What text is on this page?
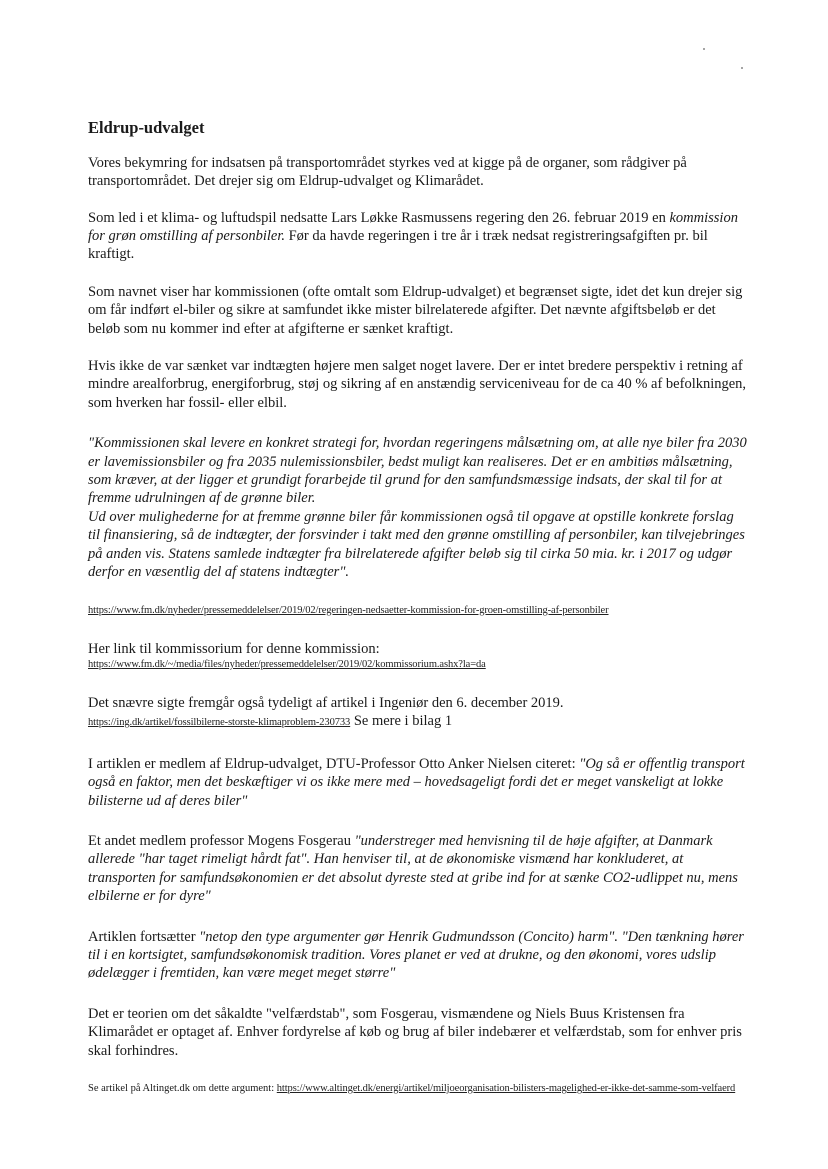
Eldrup-udvalget

Vores bekymring for indsatsen på transportområdet styrkes ved at kigge på de organer, som rådgiver på transportområdet. Det drejer sig om Eldrup-udvalget og Klimarådet.

Som led i et klima- og luftudspil nedsatte Lars Løkke Rasmussens regering den 26. februar 2019 en kommission for grøn omstilling af personbiler. Før da havde regeringen i tre år i træk nedsat registreringsafgiften pr. bil kraftigt.

Som navnet viser har kommissionen (ofte omtalt som Eldrup-udvalget) et begrænset sigte, idet det kun drejer sig om får indført el-biler og sikre at samfundet ikke mister bilrelaterede afgifter. Det nævnte afgiftsbeløb er det beløb som nu kommer ind efter at afgifterne er sænket kraftigt.

Hvis ikke de var sænket var indtægten højere men salget noget lavere. Der er intet bredere perspektiv i retning af mindre arealforbrug, energiforbrug, støj og sikring af en anstændig serviceniveau for de ca 40 % af befolkningen, som hverken har fossil- eller elbil.

"Kommissionen skal levere en konkret strategi for, hvordan regeringens målsætning om, at alle nye biler fra 2030 er lavemissionsbiler og fra 2035 nulemissionsbiler, bedst muligt kan realiseres. Det er en ambitiøs målsætning, som kræver, at der ligger et grundigt forarbejde til grund for den samfundsmæssige indsats, der skal til for at fremme udrulningen af de grønne biler.

Ud over mulighederne for at fremme grønne biler får kommissionen også til opgave at opstille konkrete forslag til finansiering, så de indtægter, der forsvinder i takt med den grønne omstilling af personbiler, kan tilvejebringes på anden vis. Statens samlede indtægter fra bilrelaterede afgifter beløb sig til cirka 50 mia. kr. i 2017 og udgør derfor en væsentlig del af statens indtægter".

https://www.fm.dk/nyheder/pressemeddelelser/2019/02/regeringen-nedsaetter-kommission-for-groen-omstilling-af-personbiler

Her link til kommissorium for denne kommission:

https://www.fm.dk/~/media/files/nyheder/pressemeddelelser/2019/02/kommissorium.ashx?la=da

Det snævre sigte fremgår også tydeligt af artikel i Ingeniør den 6. december 2019.

https://ing.dk/artikel/fossilbilerne-storste-klimaproblem-230733 Se mere i bilag 1

I artiklen er medlem af Eldrup-udvalget, DTU-Professor Otto Anker Nielsen citeret: "Og så er offentlig transport også en faktor, men det beskæftiger vi os ikke mere med – hovedsageligt fordi det er meget vanskeligt at lokke bilisterne ud af deres biler"

Et andet medlem professor Mogens Fosgerau "understreger med henvisning til de høje afgifter, at Danmark allerede "har taget rimeligt hårdt fat". Han henviser til, at de økonomiske vismænd har konkluderet, at transporten for samfundsøkonomien er det absolut dyreste sted at gribe ind for at sænke CO2-udlippet nu, mens elbilerne er for dyre"

Artiklen fortsætter "netop den type argumenter gør Henrik Gudmundsson (Concito) harm". "Den tænkning hører til i en kortsigtet, samfundsøkonomisk tradition. Vores planet er ved at drukne, og den økonomi, vores udslip ødelægger i fremtiden, kan være meget meget større"

Det er teorien om det såkaldte "velfærdstab", som Fosgerau, vismændene og Niels Buus Kristensen fra Klimarådet er optaget af. Enhver fordyrelse af køb og brug af biler indebærer et velfærdstab, som for enhver pris skal forhindres.

Se artikel på Altinget.dk om dette argument: https://www.altinget.dk/energi/artikel/miljoeorganisation-bilisters-magelighed-er-ikke-det-samme-som-velfaerd
